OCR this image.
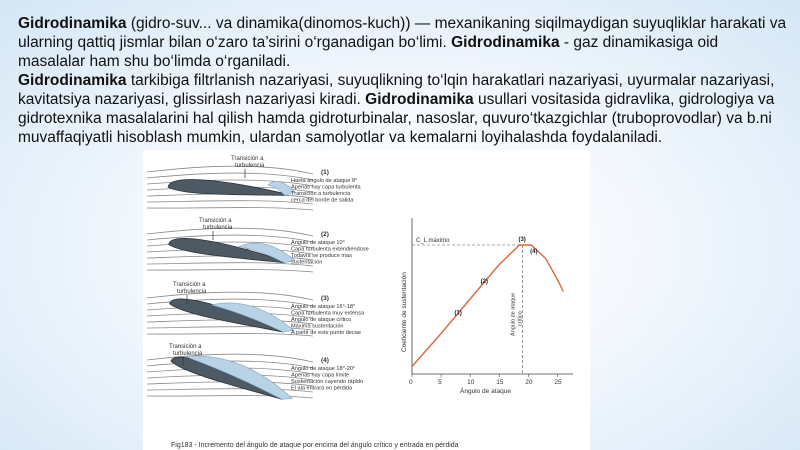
Gidrodinamika (gidro-suv... va dinamika(dinomos-kuch)) — mexanikaning siqilmaydigan suyuqliklar harakati va ularning qattiq jismlar bilan o‘zaro ta’sirini o‘rganadigan bo‘limi. Gidrodinamika - gaz dinamikasiga oid masalalar ham shu bo‘limda o‘rganiladi.

Gidrodinamika tarkibiga filtrlanish nazariyasi, suyuqlikning to‘lqin harakatlari nazariyasi, uyurmalar nazariyasi, kavitatsiya nazariyasi, glissirlash nazariyasi kiradi. Gidrodinamika usullari vositasida gidravlika, gidrologiya va gidrotexnika masalalarini hal qilish hamda gidroturbinalar, nasoslar, quvuro‘tkazgichlar (truboprovodlar) va b.ni muvaffaqiyatli hisoblash mumkin, ulardan samolyotlar va kemalarni loyihalashda foydalaniladi.

Transición a
turbulencia
(1)
Hasta ángulo de ataque 8°
Apenas hay capa turbulenta
Transición a turbulencia
cerca del borde de salida
Transición a
turbulencia
(2)
Ángulo de ataque 10°
Capa turbulenta extendiéndose
Todavía se produce mas
sustentación
Transición a
turbulencia
(3)
Ángulo de ataque 16°-18°
Capa turbulenta muy extensa
Ángulo de ataque crítico
Máxima sustentación
A partir de este punto decae
Transición a
turbulencia
(4)
Ángulo de ataque 18°-20°
Apenas hay capa límite
Sustentación cayendo rápido
El ala entrará en pérdida
Fig183 - Incremento del ángulo de ataque por encima del ángulo crítico y entrada en pérdida
C_L máximo
Ángulo de ataque crítico
(1)
(2)
(3)
(4)
0	5	10	15	20	25
Ángulo de ataque
Coeficiente de sustentación
